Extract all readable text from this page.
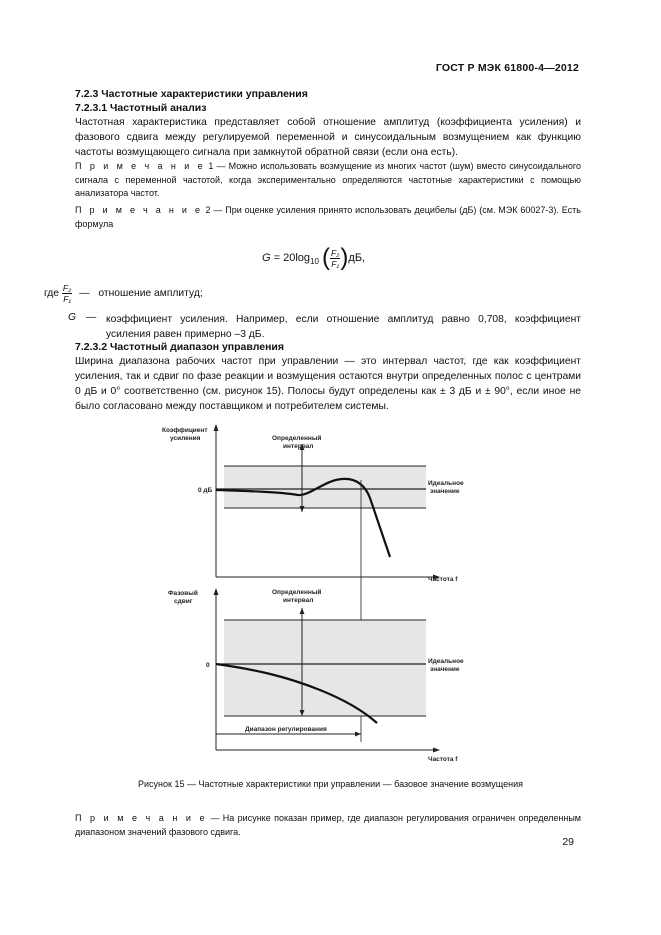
ГОСТ Р МЭК 61800-4—2012
7.2.3 Частотные характеристики управления
7.2.3.1 Частотный анализ
Частотная характеристика представляет собой отношение амплитуд (коэффициента усиления) и фазового сдвига между регулируемой переменной и синусоидальным возмущением как функцию частоты возмущающего сигнала при замкнутой обратной связи (если она есть).
П р и м е ч а н и е 1 — Можно использовать возмущение из многих частот (шум) вместо синусоидального сигнала с переменной частотой, когда экспериментально определяются частотные характеристики с помощью анализатора частот.
П р и м е ч а н и е 2 — При оценке усиления принято использовать децибелы (дБ) (см. МЭК 60027-3). Есть формула
$G = 20\log_{10}$ ( $\frac{\text{F₂}}{\text{F₁}})дБ$,
где $\frac{\text{F₂}}{\text{F₁}}$ — отношение амплитуд;
G — коэффициент усиления. Например, если отношение амплитуд равно 0,708, коэффициент усиления равен примерно –3 дБ.
7.2.3.2 Частотный диапазон управления
Ширина диапазона рабочих частот при управлении — это интервал частот, где как коэффициент усиления, так и сдвиг по фазе реакции и возмущения остаются внутри определенных полос с центрами 0 дБ и 0° соответственно (см. рисунок 15). Полосы будут определены как ± 3 дБ и ± 90°, если иное не было согласовано между поставщиком и потребителем системы.
Коэффициент
усиления	Определенный
интервал
Идеальное
значение
0 дБ
Частота f
Фазовый
сдвиг
Определенный
интервал
Идеальное
значение
0
Диапазон регулирования
Частота f
Рисунок 15 — Частотные характеристики при управлении — базовое значение возмущения
П р и м е ч а н и е — На рисунке показан пример, где диапазон регулирования ограничен определенным диапазоном значений фазового сдвига.
29
